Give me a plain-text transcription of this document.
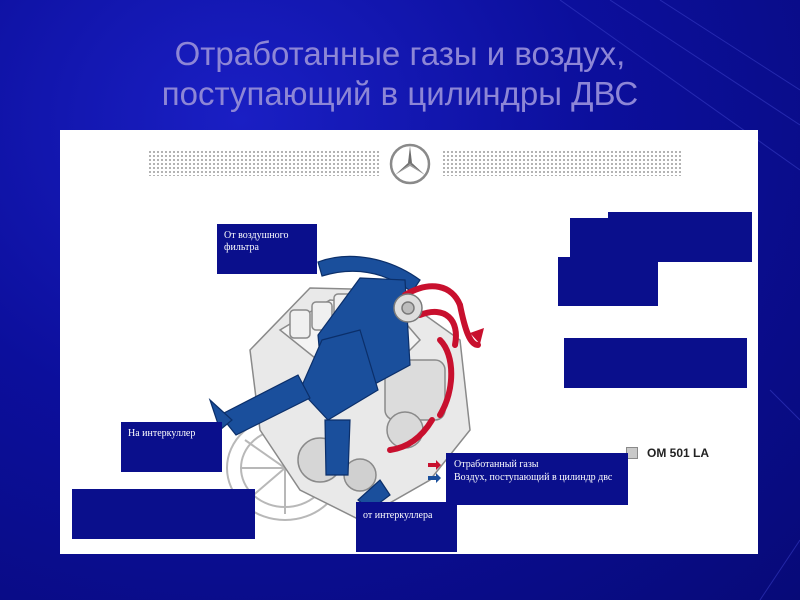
Отработанные газы и воздух,
поступающий в цилиндры ДВС
От воздушного фильтра
OM 501 LA
На интеркуллер
от интеркуллера
Отработанный газы
Воздух, поступающий в цилиндр двс
